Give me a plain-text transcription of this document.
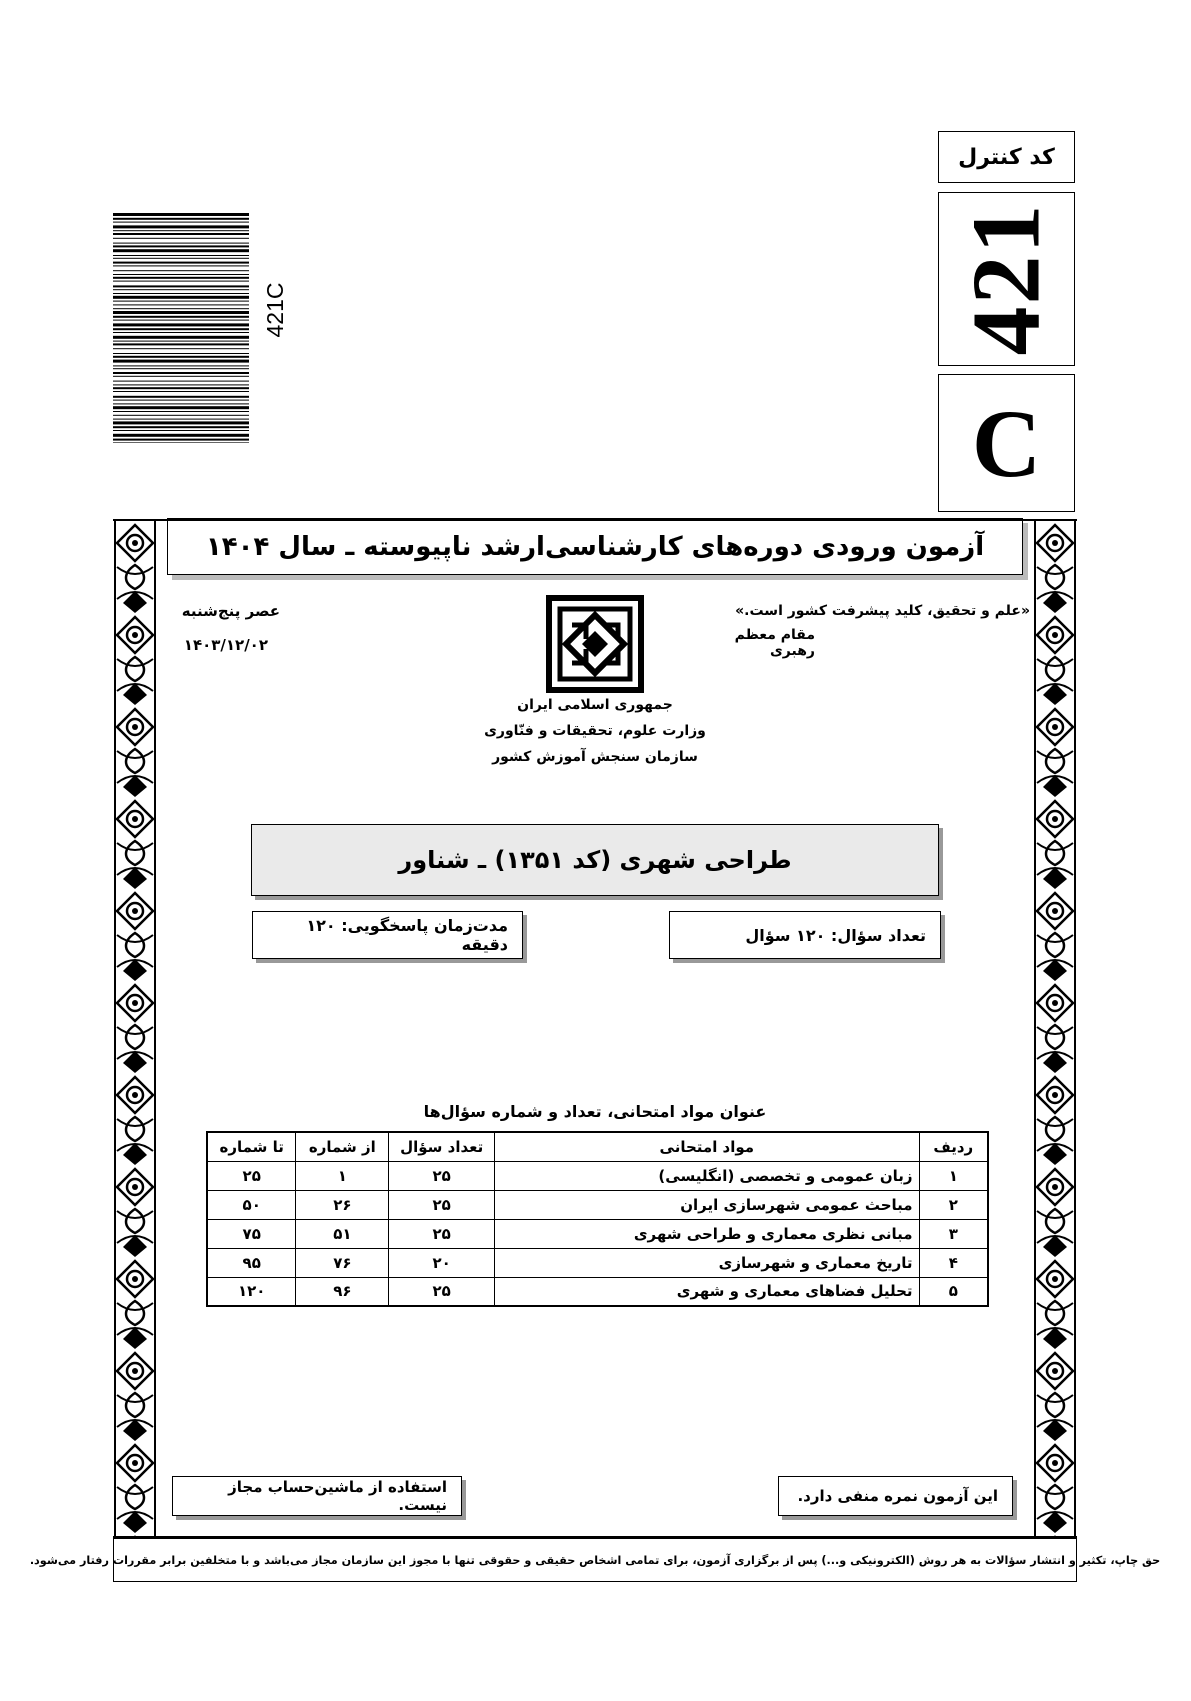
کد کنترل
421
C
421C
آزمون ورودی دوره‌های کارشناسی‌ارشد ناپیوسته ـ سال ۱۴۰۴
«علم و تحقیق، کلید پیشرفت کشور است.»
مقام معظم رهبری
عصر پنج‌شنبه
۱۴۰۳/۱۲/۰۲
جمهوری اسلامی ایران
وزارت علوم، تحقیقات و فنّاوری
سازمان سنجش آموزش کشور
طراحی شهری (کد ۱۳۵۱) ـ شناور
تعداد سؤال: ۱۲۰ سؤال
مدت‌زمان پاسخگویی: ۱۲۰ دقیقه
عنوان مواد امتحانی، تعداد و شماره سؤال‌ها
ردیف	مواد امتحانی	تعداد سؤال	از شماره	تا شماره
۱	زبان عمومی و تخصصی (انگلیسی)	۲۵	۱	۲۵
۲	مباحث عمومی شهرسازی ایران	۲۵	۲۶	۵۰
۳	مبانی نظری معماری و طراحی شهری	۲۵	۵۱	۷۵
۴	تاریخ معماری و شهرسازی	۲۰	۷۶	۹۵
۵	تحلیل فضاهای معماری و شهری	۲۵	۹۶	۱۲۰
این آزمون نمره منفی دارد.
استفاده از ماشین‌حساب مجاز نیست.
حق چاپ، تکثیر و انتشار سؤالات به هر روش (الکترونیکی و...) پس از برگزاری آزمون، برای تمامی اشخاص حقیقی و حقوقی تنها با مجوز این سازمان مجاز می‌باشد و با متخلفین برابر مقررات رفتار می‌شود.
